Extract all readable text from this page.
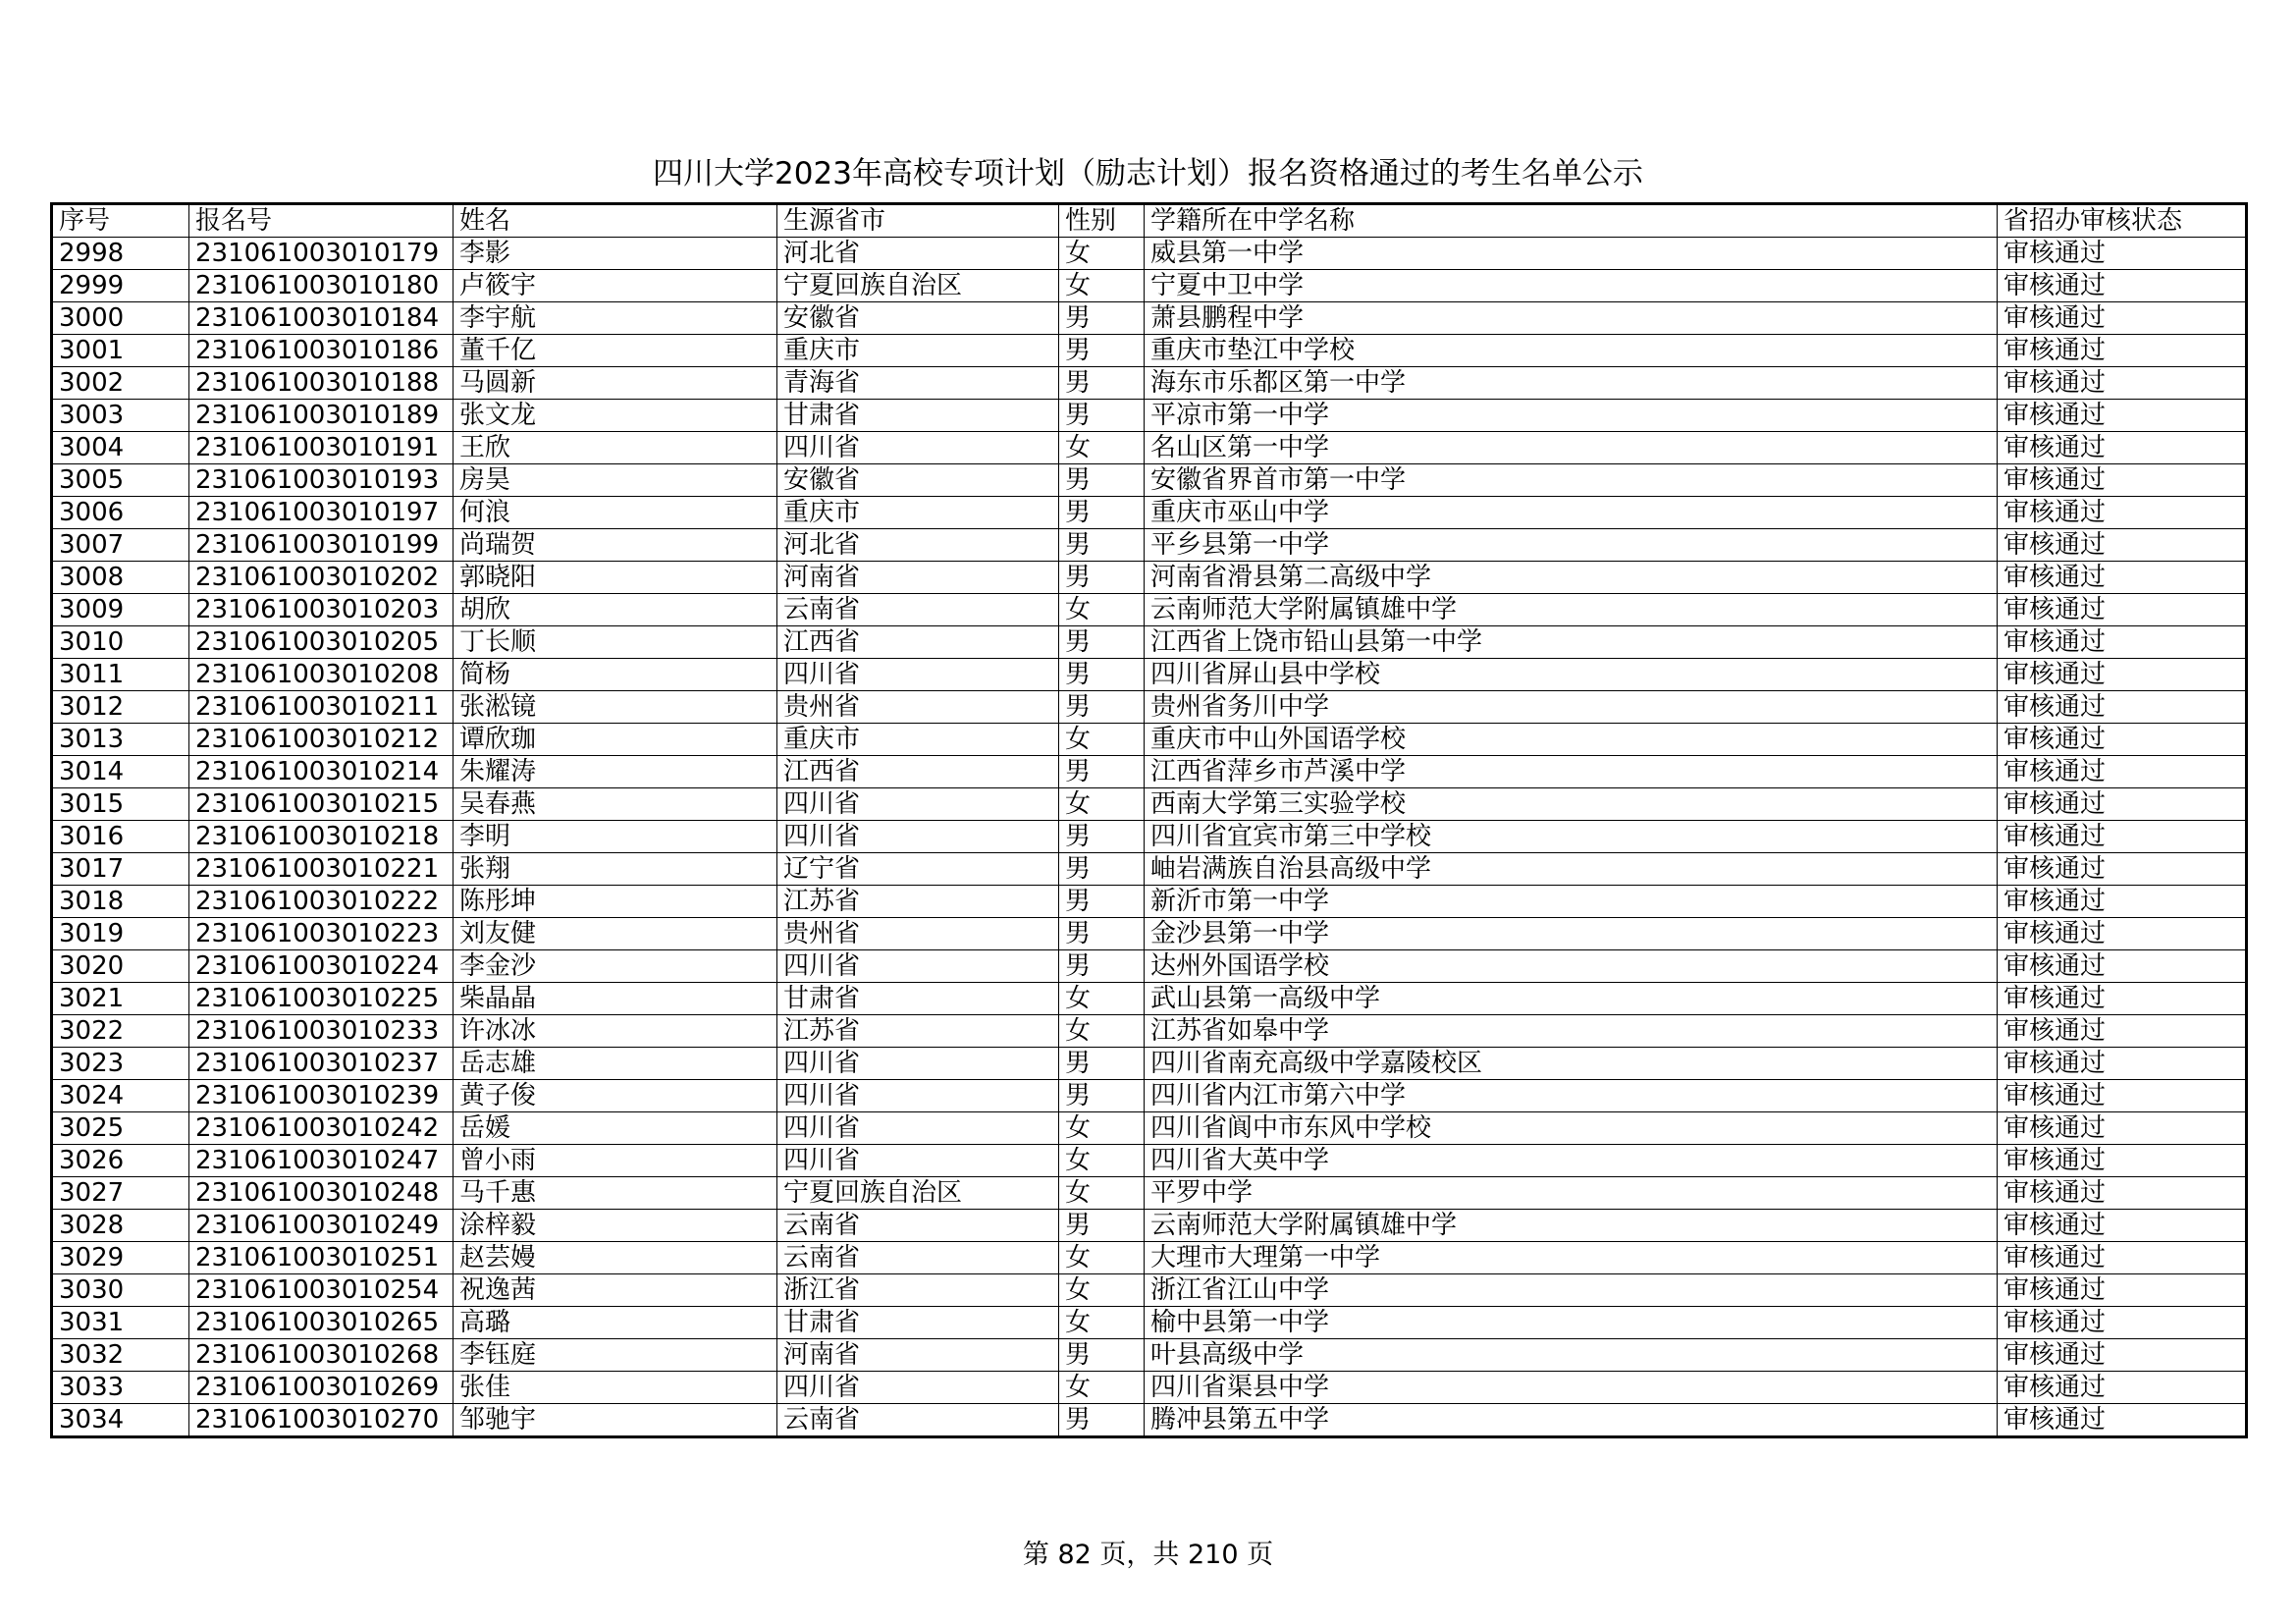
四川大学2023年高校专项计划（励志计划）报名资格通过的考生名单公示
序号	报名号	姓名	生源省市	性别	学籍所在中学名称	省招办审核状态
2998	231061003010179	李影	河北省	女	威县第一中学	审核通过
2999	231061003010180	卢筱宇	宁夏回族自治区	女	宁夏中卫中学	审核通过
3000	231061003010184	李宇航	安徽省	男	萧县鹏程中学	审核通过
3001	231061003010186	董千亿	重庆市	男	重庆市垫江中学校	审核通过
3002	231061003010188	马圆新	青海省	男	海东市乐都区第一中学	审核通过
3003	231061003010189	张文龙	甘肃省	男	平凉市第一中学	审核通过
3004	231061003010191	王欣	四川省	女	名山区第一中学	审核通过
3005	231061003010193	房昊	安徽省	男	安徽省界首市第一中学	审核通过
3006	231061003010197	何浪	重庆市	男	重庆市巫山中学	审核通过
3007	231061003010199	尚瑞贺	河北省	男	平乡县第一中学	审核通过
3008	231061003010202	郭晓阳	河南省	男	河南省滑县第二高级中学	审核通过
3009	231061003010203	胡欣	云南省	女	云南师范大学附属镇雄中学	审核通过
3010	231061003010205	丁长顺	江西省	男	江西省上饶市铅山县第一中学	审核通过
3011	231061003010208	简杨	四川省	男	四川省屏山县中学校	审核通过
3012	231061003010211	张淞镜	贵州省	男	贵州省务川中学	审核通过
3013	231061003010212	谭欣珈	重庆市	女	重庆市中山外国语学校	审核通过
3014	231061003010214	朱耀涛	江西省	男	江西省萍乡市芦溪中学	审核通过
3015	231061003010215	吴春燕	四川省	女	西南大学第三实验学校	审核通过
3016	231061003010218	李明	四川省	男	四川省宜宾市第三中学校	审核通过
3017	231061003010221	张翔	辽宁省	男	岫岩满族自治县高级中学	审核通过
3018	231061003010222	陈彤坤	江苏省	男	新沂市第一中学	审核通过
3019	231061003010223	刘友健	贵州省	男	金沙县第一中学	审核通过
3020	231061003010224	李金沙	四川省	男	达州外国语学校	审核通过
3021	231061003010225	柴晶晶	甘肃省	女	武山县第一高级中学	审核通过
3022	231061003010233	许冰冰	江苏省	女	江苏省如皋中学	审核通过
3023	231061003010237	岳志雄	四川省	男	四川省南充高级中学嘉陵校区	审核通过
3024	231061003010239	黄子俊	四川省	男	四川省内江市第六中学	审核通过
3025	231061003010242	岳媛	四川省	女	四川省阆中市东风中学校	审核通过
3026	231061003010247	曾小雨	四川省	女	四川省大英中学	审核通过
3027	231061003010248	马千惠	宁夏回族自治区	女	平罗中学	审核通过
3028	231061003010249	涂梓毅	云南省	男	云南师范大学附属镇雄中学	审核通过
3029	231061003010251	赵芸嫚	云南省	女	大理市大理第一中学	审核通过
3030	231061003010254	祝逸茜	浙江省	女	浙江省江山中学	审核通过
3031	231061003010265	高璐	甘肃省	女	榆中县第一中学	审核通过
3032	231061003010268	李钰庭	河南省	男	叶县高级中学	审核通过
3033	231061003010269	张佳	四川省	女	四川省渠县中学	审核通过
3034	231061003010270	邹驰宇	云南省	男	腾冲县第五中学	审核通过
第 82 页，共 210 页
